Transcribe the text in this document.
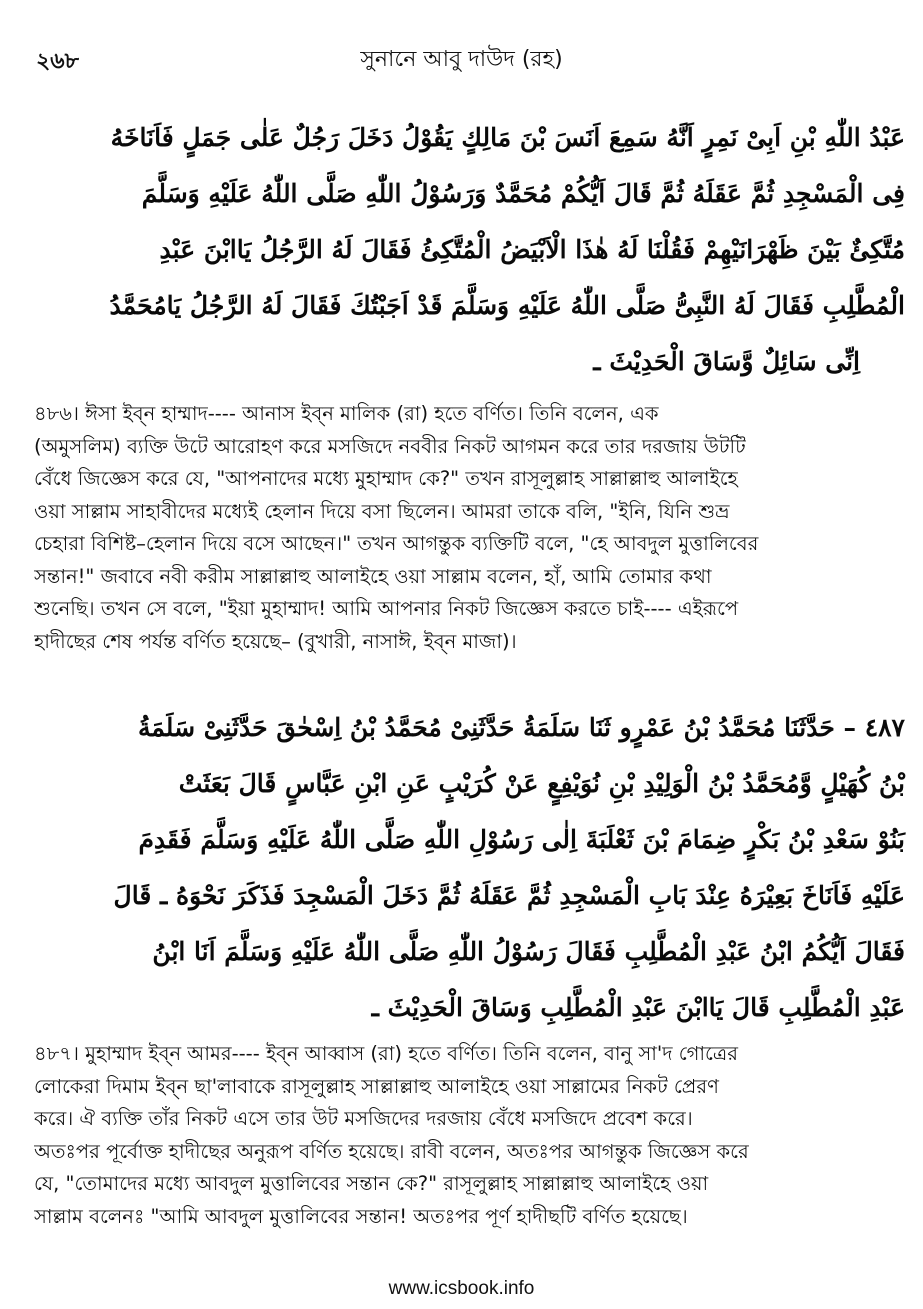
২৬৮	সুনানে আবু দাউদ (রহ)
عَبْدُ اللّٰهِ بْنِ اَبِىْ نَمِرٍ اَنَّهُ سَمِعَ اَنَسَ بْنَ مَالِكٍ يَقُوْلُ دَخَلَ رَجُلٌ عَلٰى جَمَلٍ فَاَنَاخَهُ
فِى الْمَسْجِدِ ثُمَّ عَقَلَهُ ثُمَّ قَالَ اَيُّكُمْ مُحَمَّدٌ وَرَسُوْلُ اللّٰهِ صَلَّى اللّٰهُ عَلَيْهِ وَسَلَّمَ
مُتَّكِئٌ بَيْنَ ظَهْرَانَيْهِمْ فَقُلْنَا لَهُ هٰذَا الْاَبْيَضُ الْمُتَّكِئُ فَقَالَ لَهُ الرَّجُلُ يَاابْنَ عَبْدِ
الْمُطَّلِبِ فَقَالَ لَهُ النَّبِىُّ صَلَّى اللّٰهُ عَلَيْهِ وَسَلَّمَ قَدْ اَجَبْتُكَ فَقَالَ لَهُ الرَّجُلُ يَامُحَمَّدُ
اِنِّى سَائِلٌ وَّسَاقَ الْحَدِيْثَ ـ
৪৮৬। ঈসা ইব্‌ন হাম্মাদ---- আনাস ইব্‌ন মালিক (রা) হতে বর্ণিত। তিনি বলেন, এক
(অমুসলিম) ব্যক্তি উটে আরোহণ করে মসজিদে নববীর নিকট আগমন করে তার দরজায় উটটি
বেঁধে জিজ্ঞেস করে যে, "আপনাদের মধ্যে মুহাম্মাদ কে?" তখন রাসূলুল্লাহ সাল্লাল্লাহু আলাইহে
ওয়া সাল্লাম সাহাবীদের মধ্যেই হেলান দিয়ে বসা ছিলেন। আমরা তাকে বলি, "ইনি, যিনি শুভ্র
চেহারা বিশিষ্ট–হেলান দিয়ে বসে আছেন।" তখন আগন্তুক ব্যক্তিটি বলে, "হে আবদুল মুত্তালিবের
সন্তান!" জবাবে নবী করীম সাল্লাল্লাহু আলাইহে ওয়া সাল্লাম বলেন, হাঁ, আমি তোমার কথা
শুনেছি। তখন সে বলে, "ইয়া মুহাম্মাদ! আমি আপনার নিকট জিজ্ঞেস করতে চাই---- এইরূপে
হাদীছের শেষ পর্যন্ত বর্ণিত হয়েছে– (বুখারী, নাসাঈ, ইব্‌ন মাজা)।
٤٨٧ – حَدَّثَنَا مُحَمَّدُ بْنُ عَمْرٍو ثَنَا سَلَمَةُ حَدَّثَنِىْ مُحَمَّدُ بْنُ اِسْحٰقَ حَدَّثَنِىْ سَلَمَةُ
بْنُ كُهَيْلٍ وَّمُحَمَّدُ بْنُ الْوَلِيْدِ بْنِ نُوَيْفِعٍ عَنْ كُرَيْبٍ عَنِ ابْنِ عَبَّاسٍ قَالَ بَعَثَتْ
بَنُوْ سَعْدِ بْنُ بَكْرٍ ضِمَامَ بْنَ ثَعْلَبَةَ اِلٰى رَسُوْلِ اللّٰهِ صَلَّى اللّٰهُ عَلَيْهِ وَسَلَّمَ فَقَدِمَ
عَلَيْهِ فَاَنَاخَ بَعِيْرَهُ عِنْدَ بَابِ الْمَسْجِدِ ثُمَّ عَقَلَهُ ثُمَّ دَخَلَ الْمَسْجِدَ فَذَكَرَ نَحْوَهُ ـ قَالَ
فَقَالَ اَيُّكُمُ ابْنُ عَبْدِ الْمُطَّلِبِ فَقَالَ رَسُوْلُ اللّٰهِ صَلَّى اللّٰهُ عَلَيْهِ وَسَلَّمَ اَنَا ابْنُ
عَبْدِ الْمُطَّلِبِ قَالَ يَاابْنَ عَبْدِ الْمُطَّلِبِ وَسَاقَ الْحَدِيْثَ ـ
৪৮৭। মুহাম্মাদ ইব্‌ন আমর---- ইব্‌ন আব্বাস (রা) হতে বর্ণিত। তিনি বলেন, বানু সা'দ গোত্রের
লোকেরা দিমাম ইব্‌ন ছা'লাবাকে রাসূলুল্লাহ সাল্লাল্লাহু আলাইহে ওয়া সাল্লামের নিকট প্রেরণ
করে। ঐ ব্যক্তি তাঁর নিকট এসে তার উট মসজিদের দরজায় বেঁধে মসজিদে প্রবেশ করে।
অতঃপর পূর্বোক্ত হাদীছের অনুরূপ বর্ণিত হয়েছে। রাবী বলেন, অতঃপর আগন্তুক জিজ্ঞেস করে
যে, "তোমাদের মধ্যে আবদুল মুত্তালিবের সন্তান কে?" রাসূলুল্লাহ সাল্লাল্লাহু আলাইহে ওয়া
সাল্লাম বলেনঃ "আমি আবদুল মুত্তালিবের সন্তান! অতঃপর পূর্ণ হাদীছটি বর্ণিত হয়েছে।
www.icsbook.info
